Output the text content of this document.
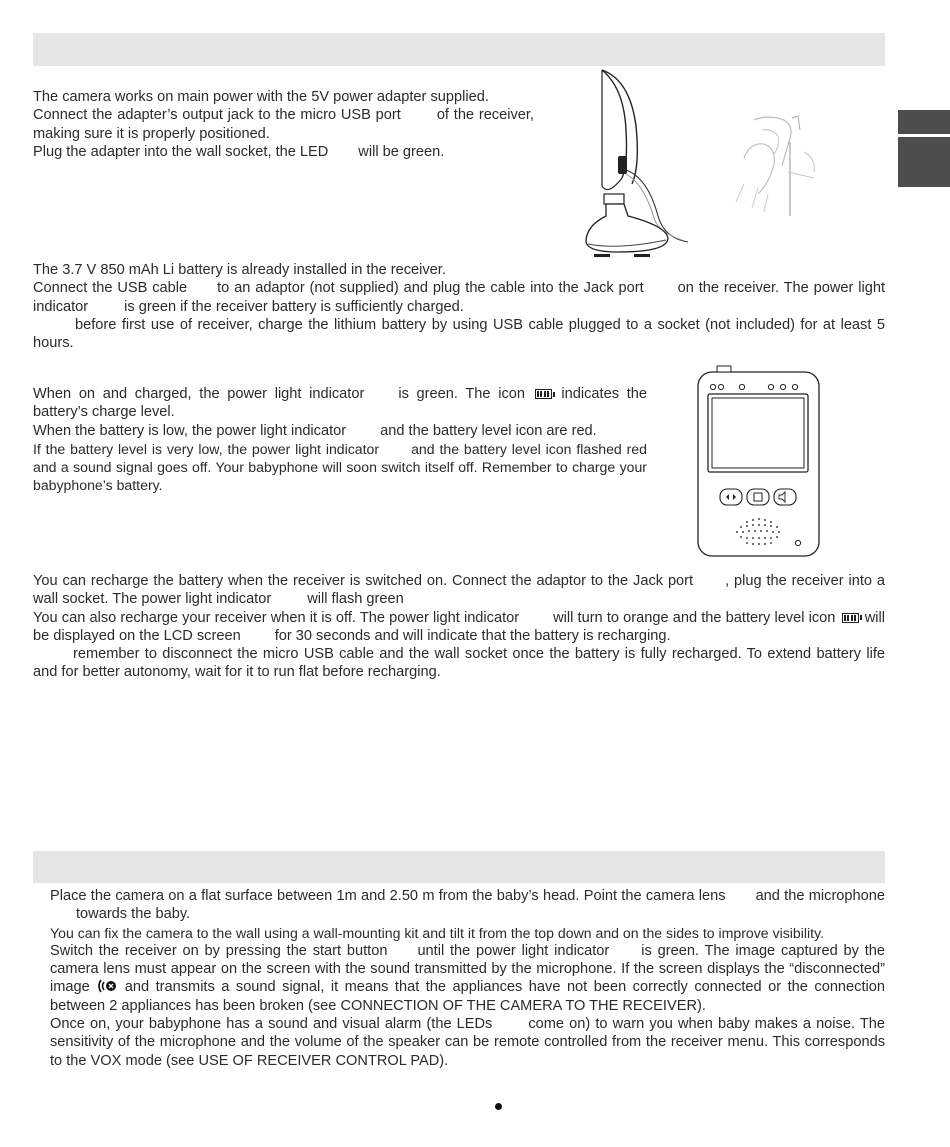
The camera works on main power with the 5V power adapter supplied.

Connect the adapter’s output jack to the micro USB port of the receiver, making sure it is properly positioned.

Plug the adapter into the wall socket, the LED will be green.

The 3.7 V 850 mAh Li battery is already installed in the receiver.

Connect the USB cable to an adaptor (not supplied) and plug the cable into the Jack port on the receiver. The power light indicator is green if the receiver battery is sufficiently charged.

before first use of receiver, charge the lithium battery by using USB cable plugged to a socket (not included) for at least 5 hours.

When on and charged, the power light indicator is green. The icon indicates the battery’s charge level.

When the battery is low, the power light indicator and the battery level icon are red.

If the battery level is very low, the power light indicator and the battery level icon flashed red and a sound signal goes off. Your babyphone will soon switch itself off. Remember to charge your babyphone’s battery.

You can recharge the battery when the receiver is switched on. Connect the adaptor to the Jack port , plug the receiver into a wall socket. The power light indicator will flash green

You can also recharge your receiver when it is off. The power light indicator will turn to orange and the battery level icon will be displayed on the LCD screen for 30 seconds and will indicate that the battery is recharging.

remember to disconnect the micro USB cable and the wall socket once the battery is fully recharged. To extend battery life and for better autonomy, wait for it to run flat before recharging.

Place the camera on a flat surface between 1m and 2.50 m from the baby’s head. Point the camera lens and the microphonetowards the baby.

You can fix the camera to the wall using a wall-mounting kit and tilt it from the top down and on the sides to improve visibility.

Switch the receiver on by pressing the start button until the power light indicator is green. The image captured by the camera lens must appear on the screen with the sound transmitted by the microphone. If the screen displays the “disconnected” image and transmits a sound signal, it means that the appliances have not been correctly connected or the connection between 2 appliances has been broken (see CONNECTION OF THE CAMERA TO THE RECEIVER).

Once on, your babyphone has a sound and visual alarm (the LEDs come on) to warn you when baby makes a noise. The sensitivity of the microphone and the volume of the speaker can be remote controlled from the receiver menu. This corresponds to the VOX mode (see USE OF RECEIVER CONTROL PAD).
